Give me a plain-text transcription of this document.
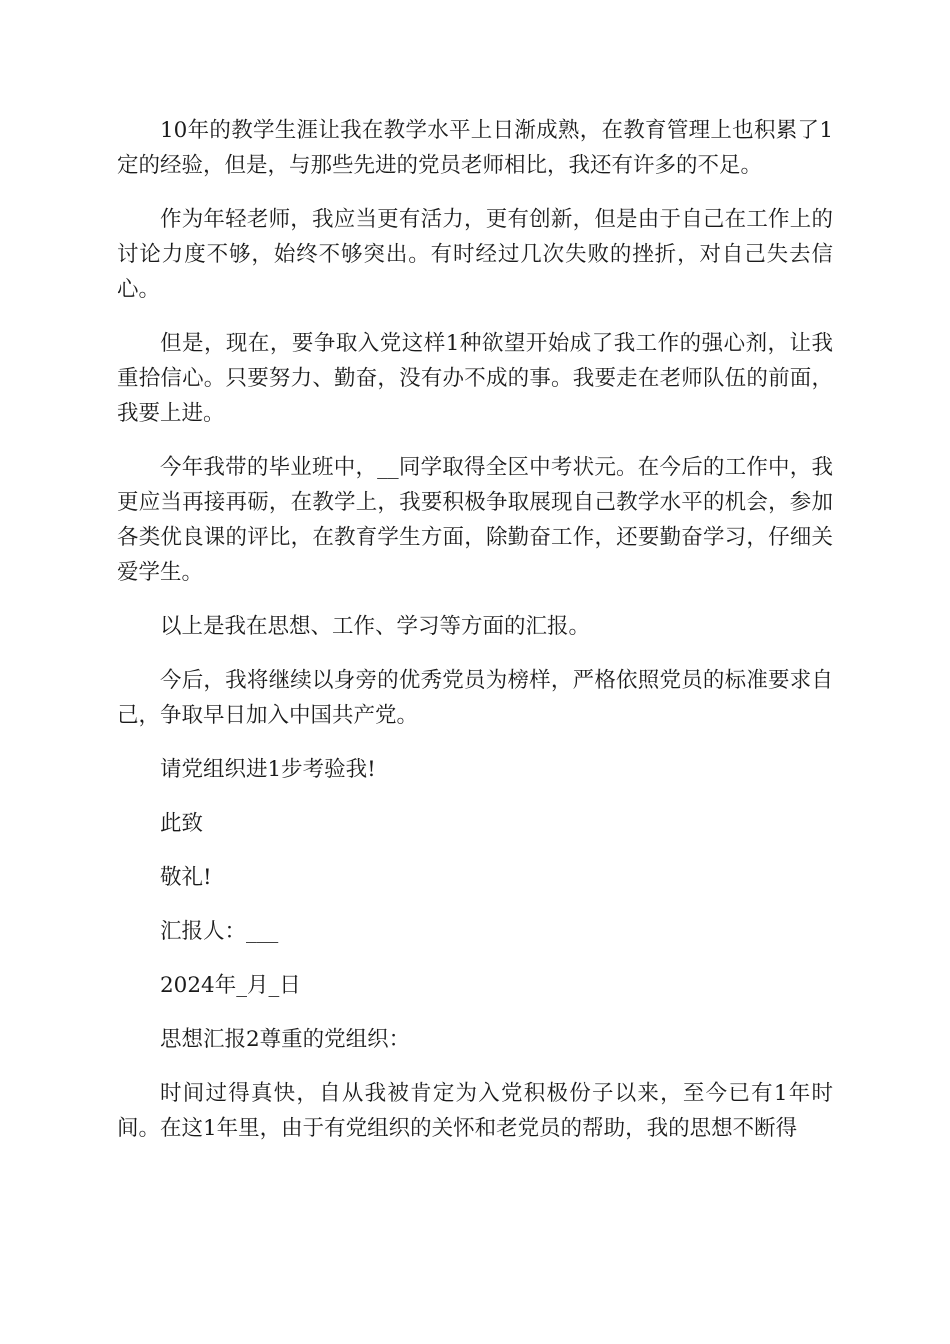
10年的教学生涯让我在教学水平上日渐成熟，在教育管理上也积累了1定的经验，但是，与那些先进的党员老师相比，我还有许多的不足。

作为年轻老师，我应当更有活力，更有创新，但是由于自己在工作上的讨论力度不够，始终不够突出。有时经过几次失败的挫折，对自己失去信心。

但是，现在，要争取入党这样1种欲望开始成了我工作的强心剂，让我重拾信心。只要努力、勤奋，没有办不成的事。我要走在老师队伍的前面，我要上进。

今年我带的毕业班中，__同学取得全区中考状元。在今后的工作中，我更应当再接再砺，在教学上，我要积极争取展现自己教学水平的机会，参加各类优良课的评比，在教育学生方面，除勤奋工作，还要勤奋学习，仔细关爱学生。

以上是我在思想、工作、学习等方面的汇报。

今后，我将继续以身旁的优秀党员为榜样，严格依照党员的标准要求自己，争取早日加入中国共产党。

请党组织进1步考验我!

此致

敬礼!

汇报人：___

2024年_月_日

思想汇报2尊重的党组织：

时间过得真快，自从我被肯定为入党积极份子以来，至今已有1年时间。在这1年里，由于有党组织的关怀和老党员的帮助，我的思想不断得
